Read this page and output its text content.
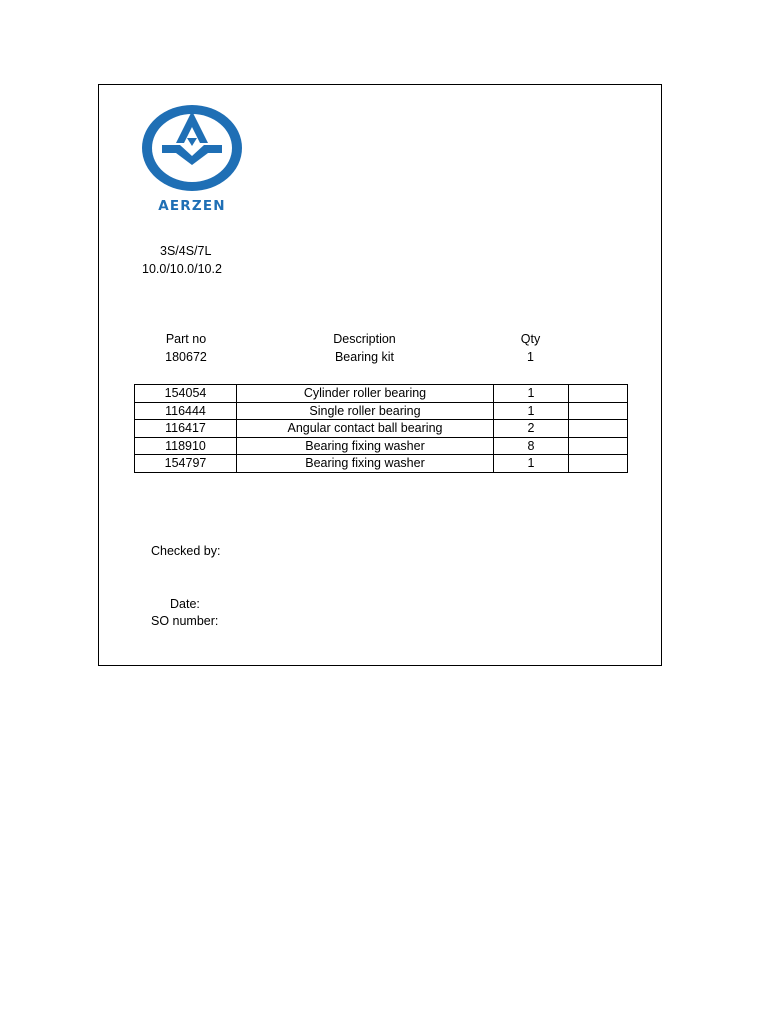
AERZEN
3S/4S/7L
10.0/10.0/10.2
Part no	Description	Qty
180672	Bearing kit	1
154054	Cylinder roller bearing	1	
116444	Single roller bearing	1	
116417	Angular contact ball bearing	2	
118910	Bearing fixing washer	8	
154797	Bearing fixing washer	1	
Checked by:
Date:
SO number:
